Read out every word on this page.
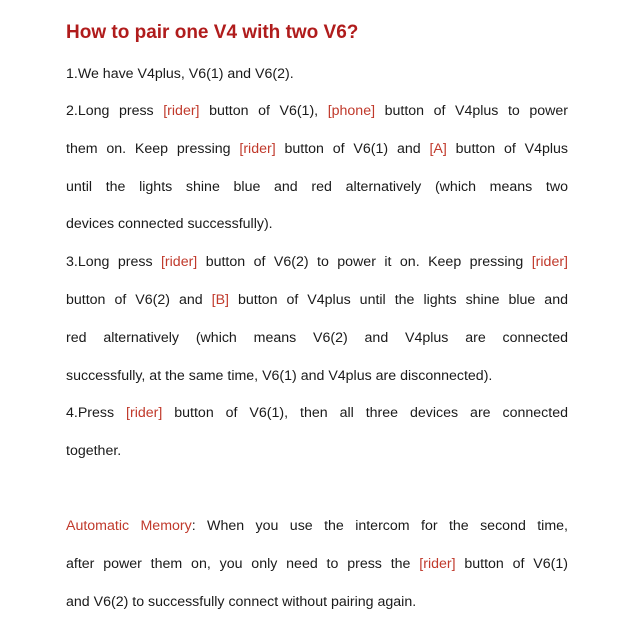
How to pair one V4 with two V6?
1.We have V4plus, V6(1) and V6(2).
2.Long press [rider] button of V6(1), [phone] button of V4plus to power
them on. Keep pressing [rider] button of V6(1) and [A] button of V4plus
until the lights shine blue and red alternatively (which means two
devices connected successfully).
3.Long press [rider] button of V6(2) to power it on. Keep pressing [rider]
button of V6(2) and [B] button of V4plus until the lights shine blue and
red alternatively (which means V6(2) and V4plus are connected
successfully, at the same time, V6(1) and V4plus are disconnected).
4.Press [rider] button of V6(1), then all three devices are connected
together.
Automatic Memory: When you use the intercom for the second time,
after power them on, you only need to press the [rider] button of V6(1)
and V6(2) to successfully connect without pairing again.
